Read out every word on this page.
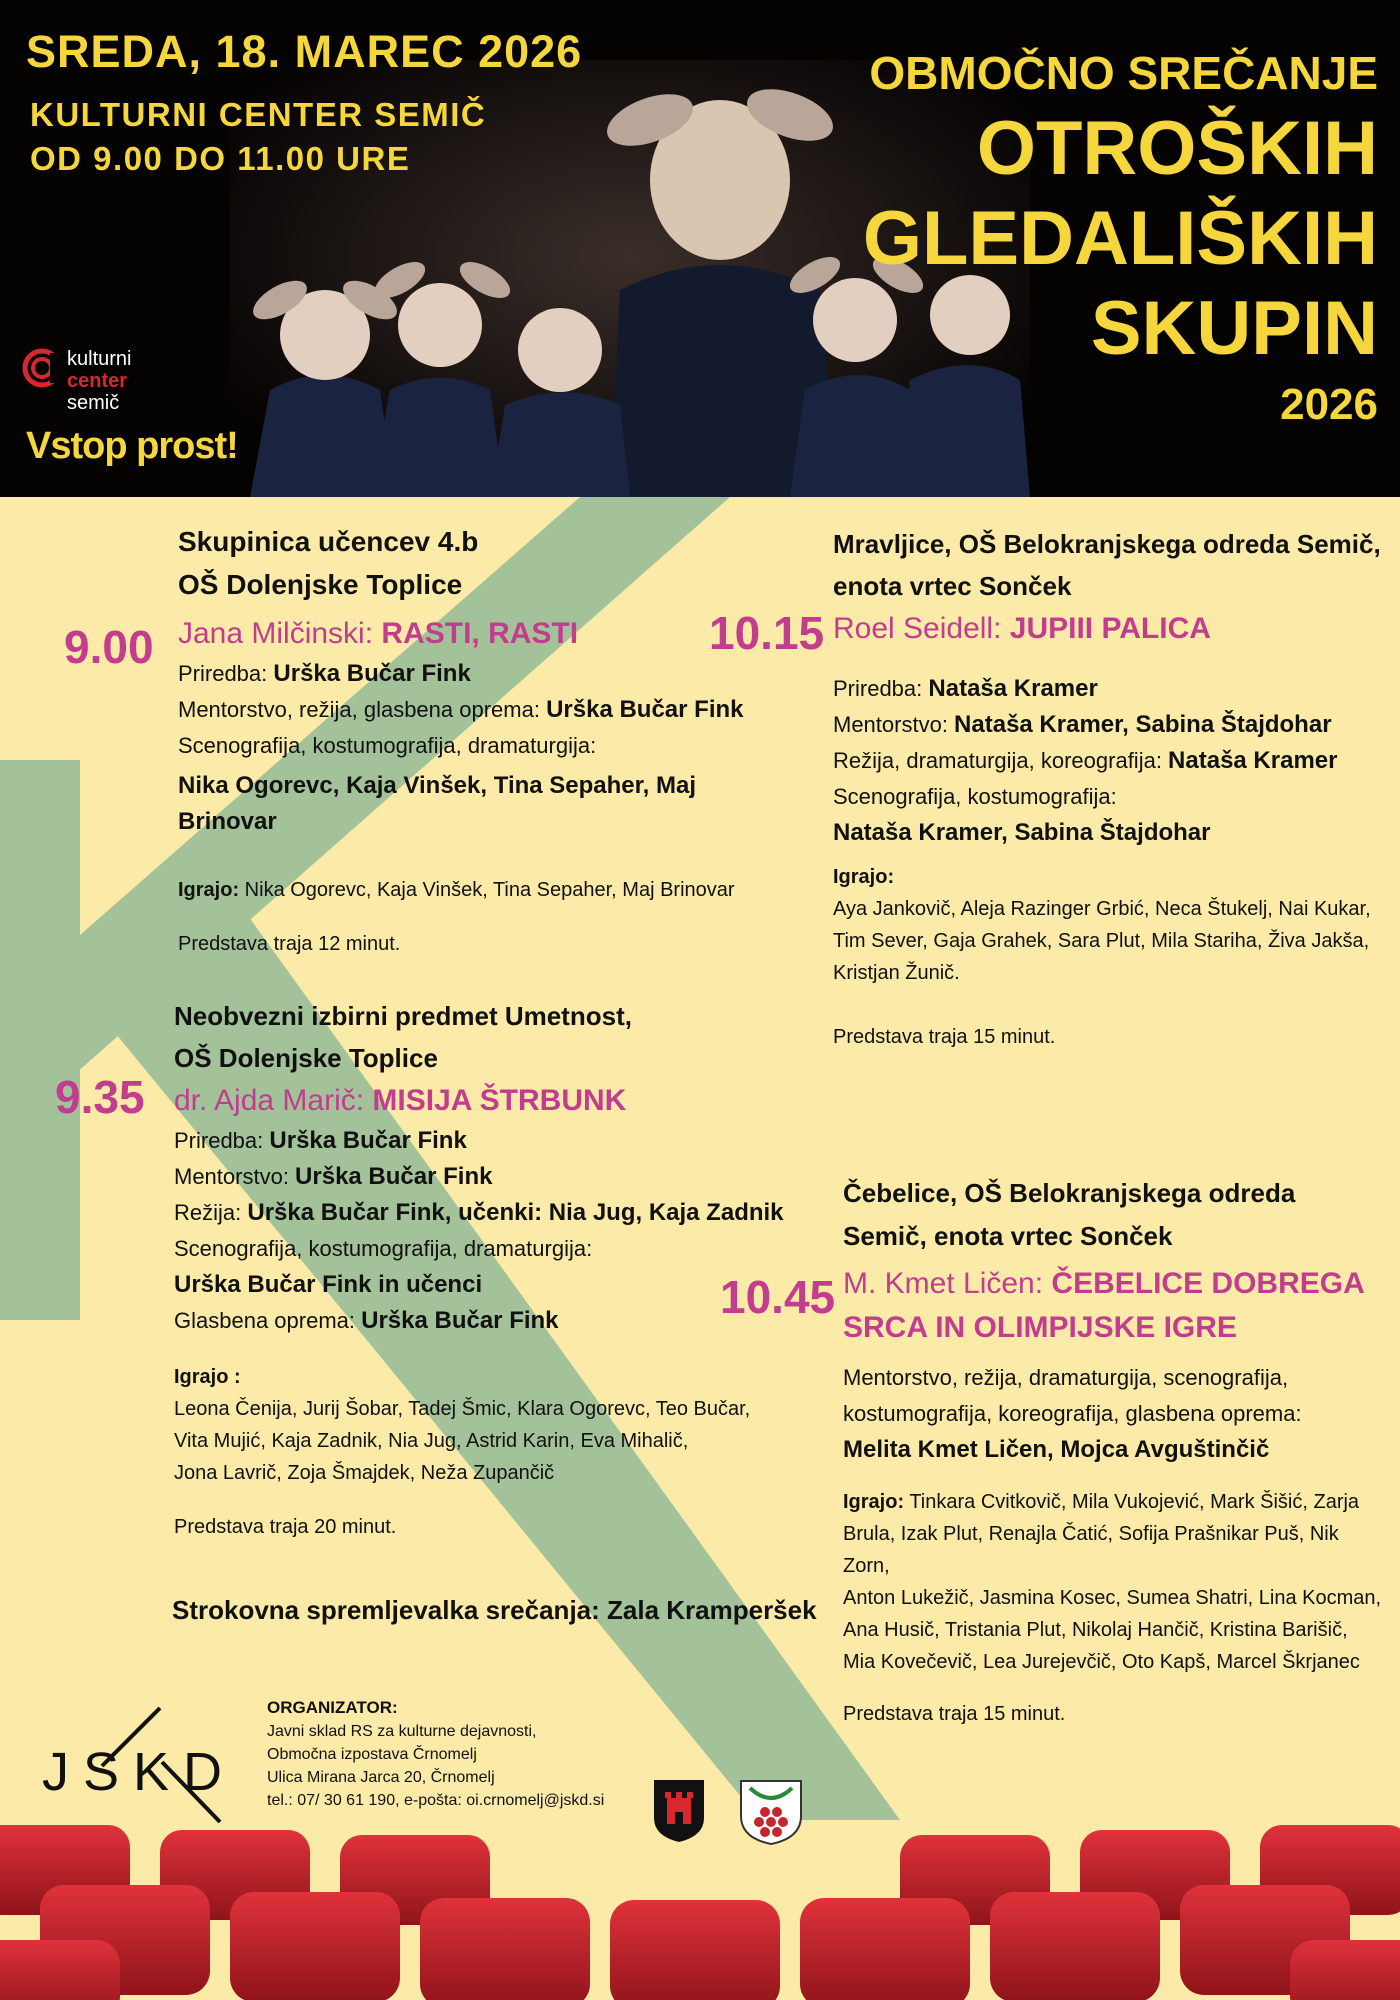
SREDA, 18. MAREC 2026
KULTURNI CENTER SEMIČ
OD 9.00 DO 11.00 URE
kulturni
center
semič
Vstop prost!
OBMOČNO SREČANJE
OTROŠKIH
GLEDALIŠKIH
SKUPIN
2026
9.00
Skupinica učencev 4.b
OŠ Dolenjske Toplice
Jana Milčinski: RASTI, RASTI
Priredba: Urška Bučar Fink
Mentorstvo, režija, glasbena oprema: Urška Bučar Fink
Scenografija, kostumografija, dramaturgija:
Nika Ogorevc, Kaja Vinšek, Tina Sepaher, Maj Brinovar
Igrajo: Nika Ogorevc, Kaja Vinšek, Tina Sepaher, Maj Brinovar
Predstava traja 12 minut.
9.35
Neobvezni izbirni predmet Umetnost,
OŠ Dolenjske Toplice
dr. Ajda Marič: MISIJA ŠTRBUNK
Priredba: Urška Bučar Fink
Mentorstvo: Urška Bučar Fink
Režija: Urška Bučar Fink, učenki: Nia Jug, Kaja Zadnik
Scenografija, kostumografija, dramaturgija:
Urška Bučar Fink in učenci
Glasbena oprema: Urška Bučar Fink
Igrajo :
Leona Čenija, Jurij Šobar, Tadej Šmic, Klara Ogorevc, Teo Bučar,
Vita Mujić, Kaja Zadnik, Nia Jug, Astrid Karin, Eva Mihalič,
Jona Lavrič, Zoja Šmajdek, Neža Zupančič
Predstava traja 20 minut.
Strokovna spremljevalka srečanja: Zala Kramperšek
10.15
Mravljice, OŠ Belokranjskega odreda Semič,
enota vrtec Sonček
Roel Seidell: JUPIII PALICA
Priredba: Nataša Kramer
Mentorstvo: Nataša Kramer, Sabina Štajdohar
Režija, dramaturgija, koreografija: Nataša Kramer
Scenografija, kostumografija:
Nataša Kramer, Sabina Štajdohar
Igrajo:
Aya Jankovič, Aleja Razinger Grbić, Neca Štukelj, Nai Kukar,
Tim Sever, Gaja Grahek, Sara Plut, Mila Stariha, Živa Jakša,
Kristjan Žunič.
Predstava traja 15 minut.
10.45
Čebelice, OŠ Belokranjskega odreda
Semič, enota vrtec Sonček
M. Kmet Ličen: ČEBELICE DOBREGA
SRCA IN OLIMPIJSKE IGRE
Mentorstvo, režija, dramaturgija, scenografija,
kostumografija, koreografija, glasbena oprema:
Melita Kmet Ličen, Mojca Avguštinčič
Igrajo: Tinkara Cvitkovič, Mila Vukojević, Mark Šišić, Zarja
Brula, Izak Plut, Renajla Čatić, Sofija Prašnikar Puš, Nik Zorn,
Anton Lukežič, Jasmina Kosec, Sumea Shatri, Lina Kocman,
Ana Husič, Tristania Plut, Nikolaj Hančič, Kristina Barišič,
Mia Kovečevič, Lea Jurejevčič, Oto Kapš, Marcel Škrjanec
Predstava traja 15 minut.
JSKD
ORGANIZATOR:
Javni sklad RS za kulturne dejavnosti,
Območna izpostava Črnomelj
Ulica Mirana Jarca 20, Črnomelj
tel.: 07/ 30 61 190, e-pošta: oi.crnomelj@jskd.si
